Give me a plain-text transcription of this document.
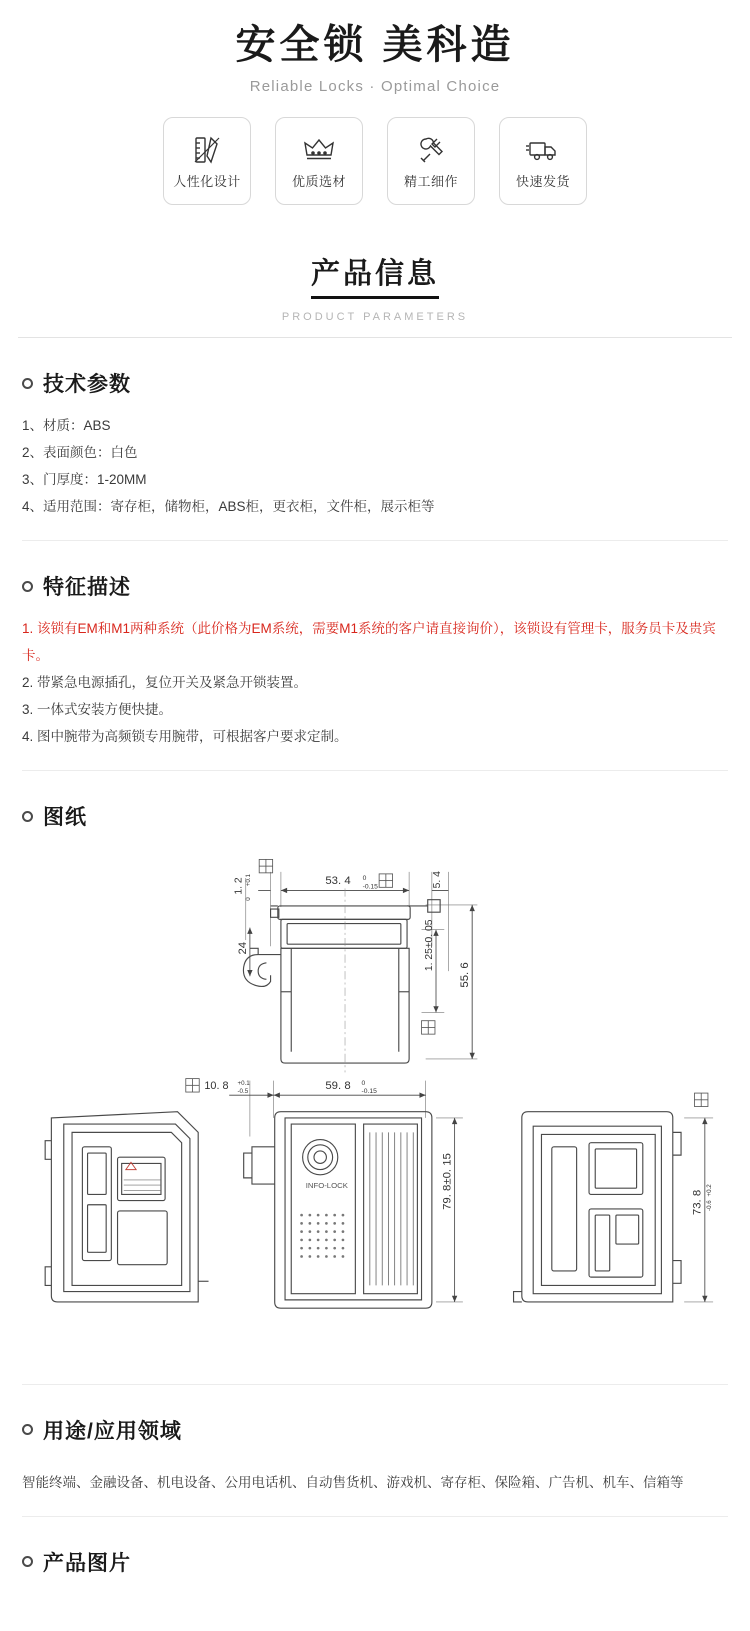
安全锁 美科造
Reliable Locks · Optimal Choice
人性化设计	优质选材	精工细作	快速发货
产品信息
PRODUCT PARAMETERS
技术参数
1、材质：ABS
2、表面颜色：白色
3、门厚度：1-20MM
4、适用范围：寄存柜，储物柜，ABS柜，更衣柜，文件柜，展示柜等
特征描述
1. 该锁有EM和M1两种系统（此价格为EM系统，需要M1系统的客户请直接询价），该锁设有管理卡，服务员卡及贵宾卡。
2. 带紧急电源插孔，复位开关及紧急开锁装置。
3. 一体式安装方便快捷。
4. 图中腕带为高频锁专用腕带，可根据客户要求定制。
图纸
53. 4 0
-0.15
1. 2 +0.1
0
5. 4
24	1. 25±0. 05
55. 6
59. 8 0
-0.15
10. 8 +0.1
-0.5
79. 8±0. 15
INFO-LOCK
73. 8 +0.2
-0.6
用途/应用领域
智能终端、金融设备、机电设备、公用电话机、自动售货机、游戏机、寄存柜、保险箱、广告机、机车、信箱等
产品图片
